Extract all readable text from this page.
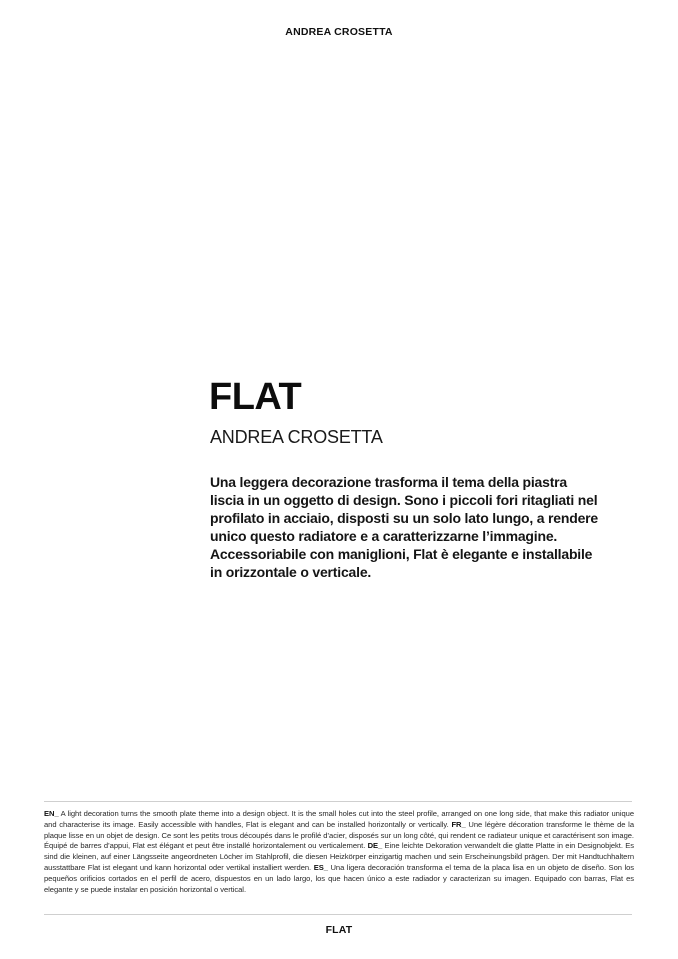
ANDREA CROSETTA
FLAT
ANDREA CROSETTA
Una leggera decorazione trasforma il tema della piastra
liscia in un oggetto di design. Sono i piccoli fori ritagliati nel
profilato in acciaio, disposti su un solo lato lungo, a rendere
unico questo radiatore e a caratterizzarne l’immagine.
Accessoriabile con maniglioni, Flat è elegante e installabile
in orizzontale o verticale.
EN_ A light decoration turns the smooth plate theme into a design object. It is the small holes cut into the steel profile, arranged on one long side, that make this radiator unique and characterise its image. Easily accessible with handles, Flat is elegant and can be installed horizontally or vertically. FR_ Une légère décoration transforme le thème de la plaque lisse en un objet de design. Ce sont les petits trous découpés dans le profilé d’acier, disposés sur un long côté, qui rendent ce radiateur unique et caractérisent son image. Équipé de barres d’appui, Flat est élégant et peut être installé horizontalement ou verticalement. DE_ Eine leichte Dekoration verwandelt die glatte Platte in ein Designobjekt. Es sind die kleinen, auf einer Längsseite angeordneten Löcher im Stahlprofil, die diesen Heizkörper einzigartig machen und sein Erscheinungsbild prägen. Der mit Handtuchhaltern ausstattbare Flat ist elegant und kann horizontal oder vertikal installiert werden. ES_ Una ligera decoración transforma el tema de la placa lisa en un objeto de diseño. Son los pequeños orificios cortados en el perfil de acero, dispuestos en un lado largo, los que hacen único a este radiador y caracterizan su imagen. Equipado con barras, Flat es elegante y se puede instalar en posición horizontal o vertical.
FLAT
